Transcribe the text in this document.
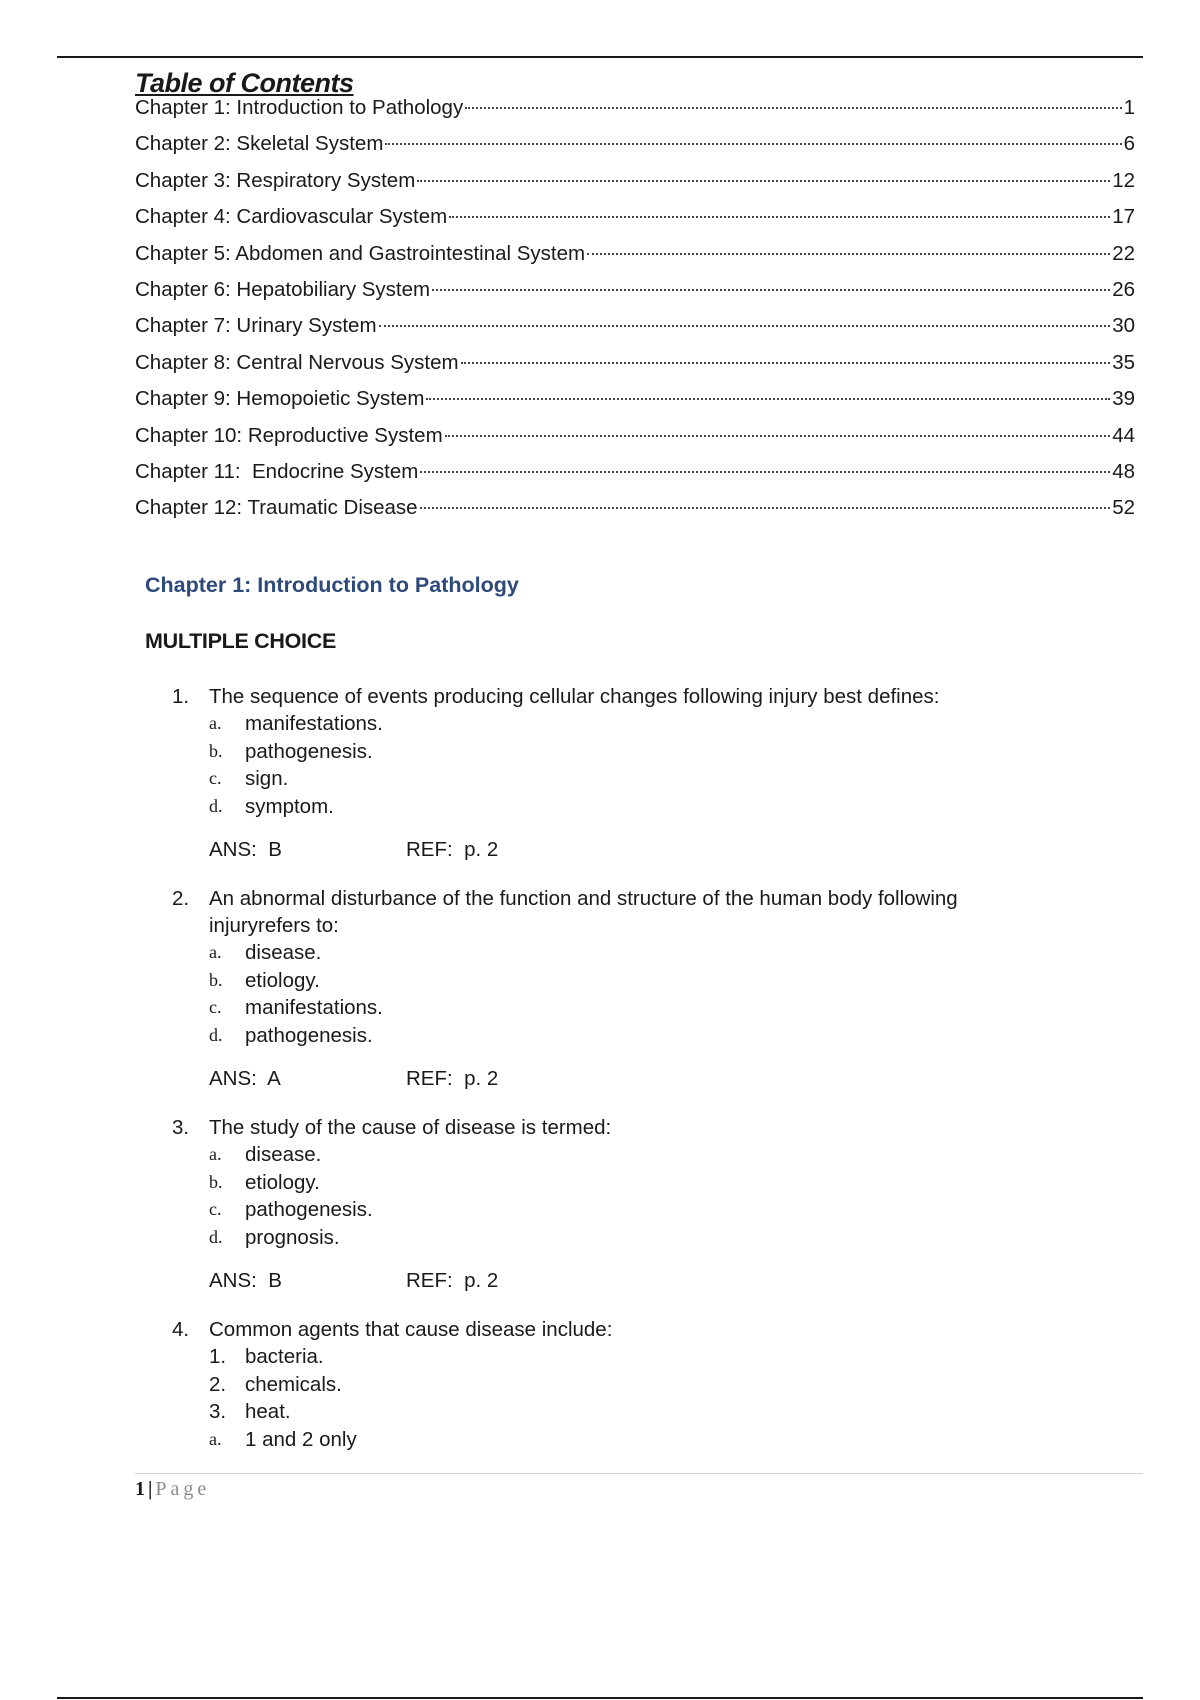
Table of Contents
Chapter 1: Introduction to Pathology	1
Chapter 2: Skeletal System	6
Chapter 3: Respiratory System	12
Chapter 4: Cardiovascular System	17
Chapter 5: Abdomen and Gastrointestinal System	22
Chapter 6: Hepatobiliary System	26
Chapter 7: Urinary System	30
Chapter 8: Central Nervous System	35
Chapter 9: Hemopoietic System	39
Chapter 10: Reproductive System	44
Chapter 11:  Endocrine System	48
Chapter 12: Traumatic Disease	52
Chapter 1: Introduction to Pathology
MULTIPLE CHOICE
1. The sequence of events producing cellular changes following injury best defines:
a.	manifestations.
b.	pathogenesis.
c.	sign.
d.	symptom.
ANS:  B	REF:  p. 2
2. An abnormal disturbance of the function and structure of the human body following injuryrefers to:
a.	disease.
b.	etiology.
c.	manifestations.
d.	pathogenesis.
ANS:  A	REF:  p. 2
3. The study of the cause of disease is termed:
a.	disease.
b.	etiology.
c.	pathogenesis.
d.	prognosis.
ANS:  B	REF:  p. 2
4. Common agents that cause disease include:
1. bacteria.
2. chemicals.
3. heat.
a.	1 and 2 only
1 | Page
